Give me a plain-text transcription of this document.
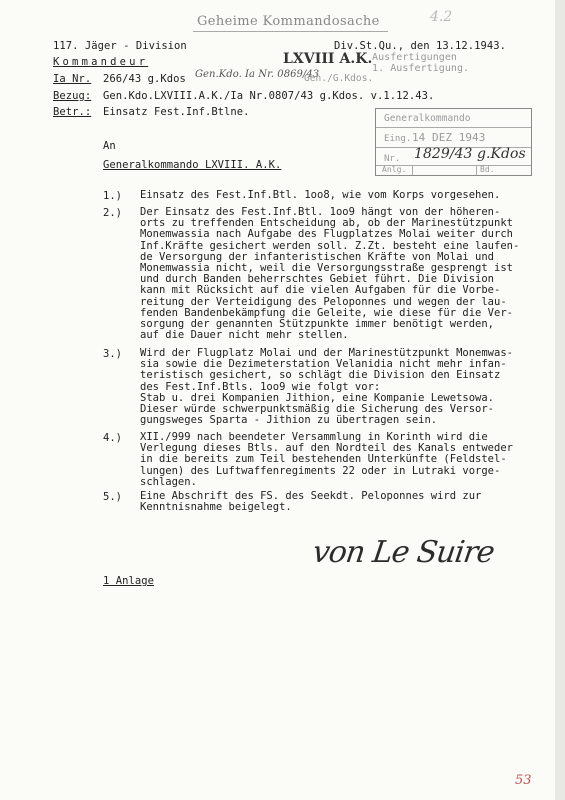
Geheime Kommandosache	4.2
117. Jäger - Division	Div.St.Qu., den 13.12.1943.
Kommandeur	LXVIII A.K. Ausfertigungen
1. Ausfertigung.
Ia Nr. 266/43 g.Kdos Gen.Kdo. Ia Nr. 0869/43
Geh./G.Kdos.
Bezug: Gen.Kdo.LXVIII.A.K./Ia Nr.0807/43 g.Kdos. v.1.12.43.
Betr.: Einsatz Fest.Inf.Btlne.
Generalkommando
Eing. 14 DEZ 1943
Nr. 1829/43 g.Kdos
Anlg.	Bd.
An
Generalkommando LXVIII. A.K.
1.) Einsatz des Fest.Inf.Btl. 1oo8, wie vom Korps vorgesehen.
2.) Der Einsatz des Fest.Inf.Btl. 1oo9 hängt von der höheren-
orts zu treffenden Entscheidung ab, ob der Marinestützpunkt
Monemwassia nach Aufgabe des Flugplatzes Molai weiter durch
Inf.Kräfte gesichert werden soll. Z.Zt. besteht eine laufen-
de Versorgung der infanteristischen Kräfte von Molai und
Monemwassia nicht, weil die Versorgungsstraße gesprengt ist
und durch Banden beherrschtes Gebiet führt. Die Division
kann mit Rücksicht auf die vielen Aufgaben für die Vorbe-
reitung der Verteidigung des Peloponnes und wegen der lau-
fenden Bandenbekämpfung die Geleite, wie diese für die Ver-
sorgung der genannten Stützpunkte immer benötigt werden,
auf die Dauer nicht mehr stellen.
3.) Wird der Flugplatz Molai und der Marinestützpunkt Monemwas-
sia sowie die Dezimeterstation Velanidia nicht mehr infan-
teristisch gesichert, so schlägt die Division den Einsatz
des Fest.Inf.Btls. 1oo9 wie folgt vor:
Stab u. drei Kompanien Jithion, eine Kompanie Lewetsowa.
Dieser würde schwerpunktsmäßig die Sicherung des Versor-
gungsweges Sparta - Jithion zu übertragen sein.
4.) XII./999 nach beendeter Versammlung in Korinth wird die
Verlegung dieses Btls. auf den Nordteil des Kanals entweder
in die bereits zum Teil bestehenden Unterkünfte (Feldstel-
lungen) des Luftwaffenregiments 22 oder in Lutraki vorge-
schlagen.
5.) Eine Abschrift des FS. des Seekdt. Peloponnes wird zur
Kenntnisnahme beigelegt.
von Le Suire
1 Anlage
53
